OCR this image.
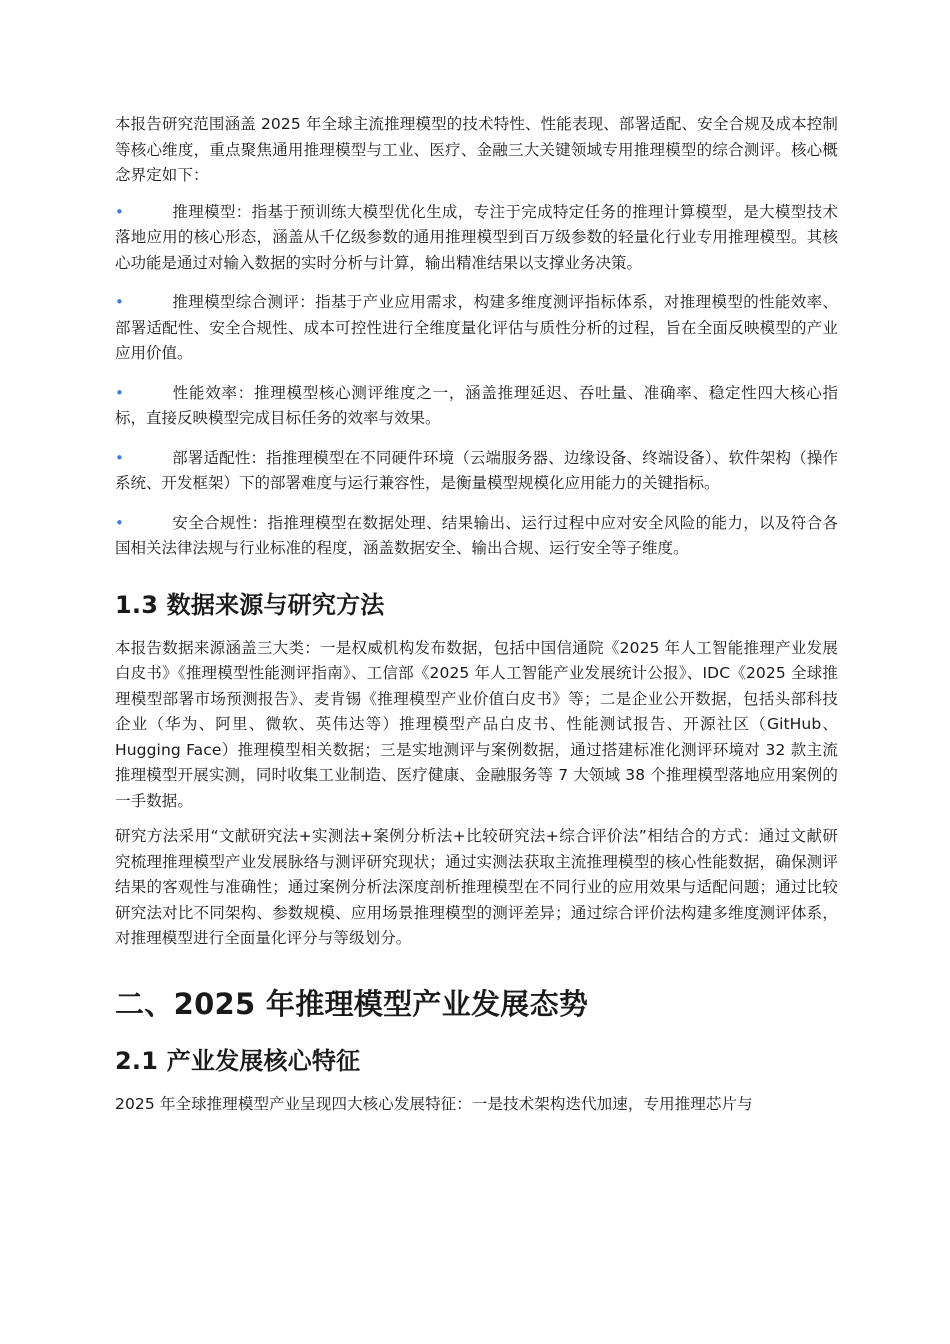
本报告研究范围涵盖 2025 年全球主流推理模型的技术特性、性能表现、部署适配、安全合规及成本控制等核心维度，重点聚焦通用推理模型与工业、医疗、金融三大关键领域专用推理模型的综合测评。核心概念界定如下：

•	推理模型：指基于预训练大模型优化生成，专注于完成特定任务的推理计算模型，是大模型技术落地应用的核心形态，涵盖从千亿级参数的通用推理模型到百万级参数的轻量化行业专用推理模型。其核心功能是通过对输入数据的实时分析与计算，输出精准结果以支撑业务决策。
•	推理模型综合测评：指基于产业应用需求，构建多维度测评指标体系，对推理模型的性能效率、部署适配性、安全合规性、成本可控性进行全维度量化评估与质性分析的过程，旨在全面反映模型的产业应用价值。
•	性能效率：推理模型核心测评维度之一，涵盖推理延迟、吞吐量、准确率、稳定性四大核心指标，直接反映模型完成目标任务的效率与效果。
•	部署适配性：指推理模型在不同硬件环境（云端服务器、边缘设备、终端设备）、软件架构（操作系统、开发框架）下的部署难度与运行兼容性，是衡量模型规模化应用能力的关键指标。
•	安全合规性：指推理模型在数据处理、结果输出、运行过程中应对安全风险的能力，以及符合各国相关法律法规与行业标准的程度，涵盖数据安全、输出合规、运行安全等子维度。
1.3 数据来源与研究方法

本报告数据来源涵盖三大类：一是权威机构发布数据，包括中国信通院《2025 年人工智能推理产业发展白皮书》《推理模型性能测评指南》、工信部《2025 年人工智能产业发展统计公报》、IDC《2025 全球推理模型部署市场预测报告》、麦肯锡《推理模型产业价值白皮书》等；二是企业公开数据，包括头部科技企业（华为、阿里、微软、英伟达等）推理模型产品白皮书、性能测试报告、开源社区（GitHub、Hugging Face）推理模型相关数据；三是实地测评与案例数据，通过搭建标准化测评环境对 32 款主流推理模型开展实测，同时收集工业制造、医疗健康、金融服务等 7 大领域 38 个推理模型落地应用案例的一手数据。

研究方法采用“文献研究法+实测法+案例分析法+比较研究法+综合评价法”相结合的方式：通过文献研究梳理推理模型产业发展脉络与测评研究现状；通过实测法获取主流推理模型的核心性能数据，确保测评结果的客观性与准确性；通过案例分析法深度剖析推理模型在不同行业的应用效果与适配问题；通过比较研究法对比不同架构、参数规模、应用场景推理模型的测评差异；通过综合评价法构建多维度测评体系，对推理模型进行全面量化评分与等级划分。

二、2025 年推理模型产业发展态势
2.1 产业发展核心特征

2025 年全球推理模型产业呈现四大核心发展特征：一是技术架构迭代加速，专用推理芯片与
